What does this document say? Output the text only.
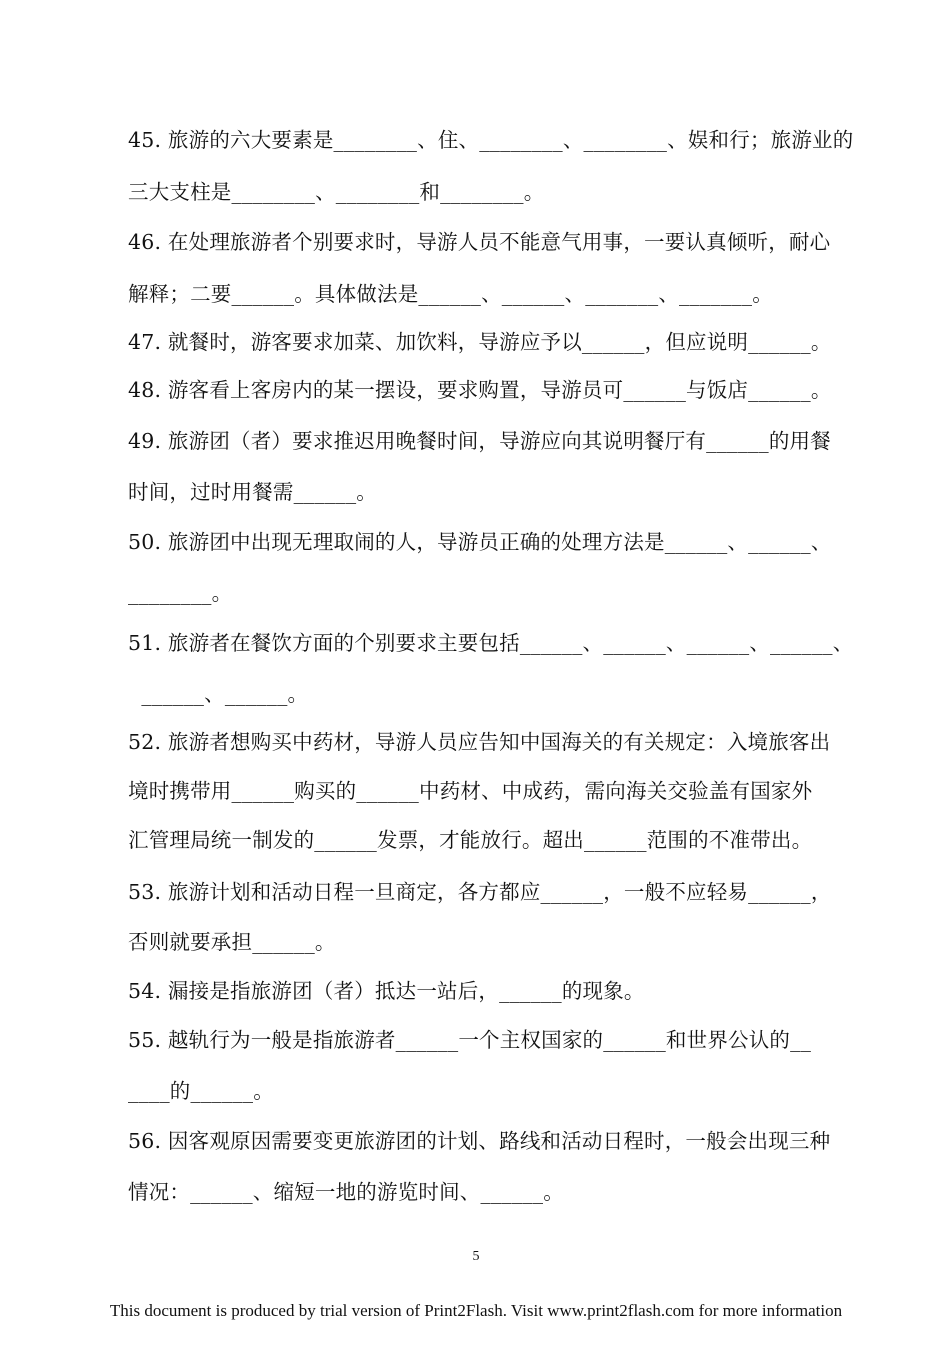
45. 旅游的六大要素是________、住、________、________、娱和行；旅游业的
三大支柱是________、________和________。
46. 在处理旅游者个别要求时，导游人员不能意气用事，一要认真倾听，耐心
解释；二要______。具体做法是______、______、_______、_______。
47. 就餐时，游客要求加菜、加饮料，导游应予以______，但应说明______。
48. 游客看上客房内的某一摆设，要求购置，导游员可______与饭店______。
49. 旅游团（者）要求推迟用晚餐时间，导游应向其说明餐厅有______的用餐
时间，过时用餐需______。
50. 旅游团中出现无理取闹的人，导游员正确的处理方法是______、______、
________。
51. 旅游者在餐饮方面的个别要求主要包括______、______、______、______、
______、______。
52. 旅游者想购买中药材，导游人员应告知中国海关的有关规定：入境旅客出
境时携带用______购买的______中药材、中成药，需向海关交验盖有国家外
汇管理局统一制发的______发票，才能放行。超出______范围的不准带出。
53. 旅游计划和活动日程一旦商定，各方都应______，一般不应轻易______，
否则就要承担______。
54. 漏接是指旅游团（者）抵达一站后，______的现象。
55. 越轨行为一般是指旅游者______一个主权国家的______和世界公认的__
____的______。
56. 因客观原因需要变更旅游团的计划、路线和活动日程时，一般会出现三种
情况：______、缩短一地的游览时间、______。
5
This document is produced by trial version of Print2Flash. Visit www.print2flash.com for more information
